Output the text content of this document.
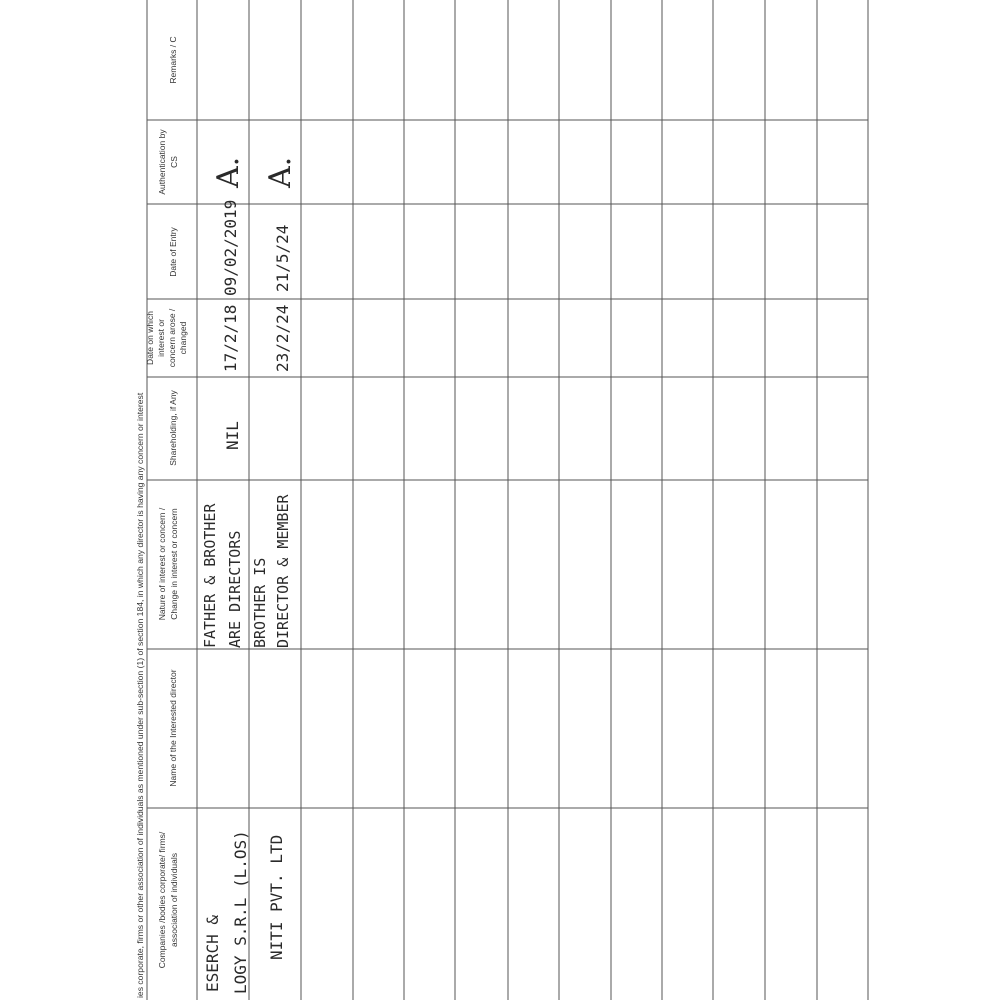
ies corporate, firms or other association of individuals as mentioned under sub-section (1) of section 184, in which any director is having any concern or interest
Remarks / C
Authentication by CS
Date of Entry
Date on which interest or concern arose / changed
Shareholding, if Any
Nature of interest or concern / Change in interest or concern
Name of the Interested director
Companies /bodies corporate/ firms/ association of individuals
ESERCH & LOGY S.R.L (L.OS)
FATHER & BROTHER ARE DIRECTORS
NIL
17/2/18
09/02/2019
A.
NITI PVT. LTD
BROTHER IS DIRECTOR & MEMBER
23/2/24
21/5/24
A.
